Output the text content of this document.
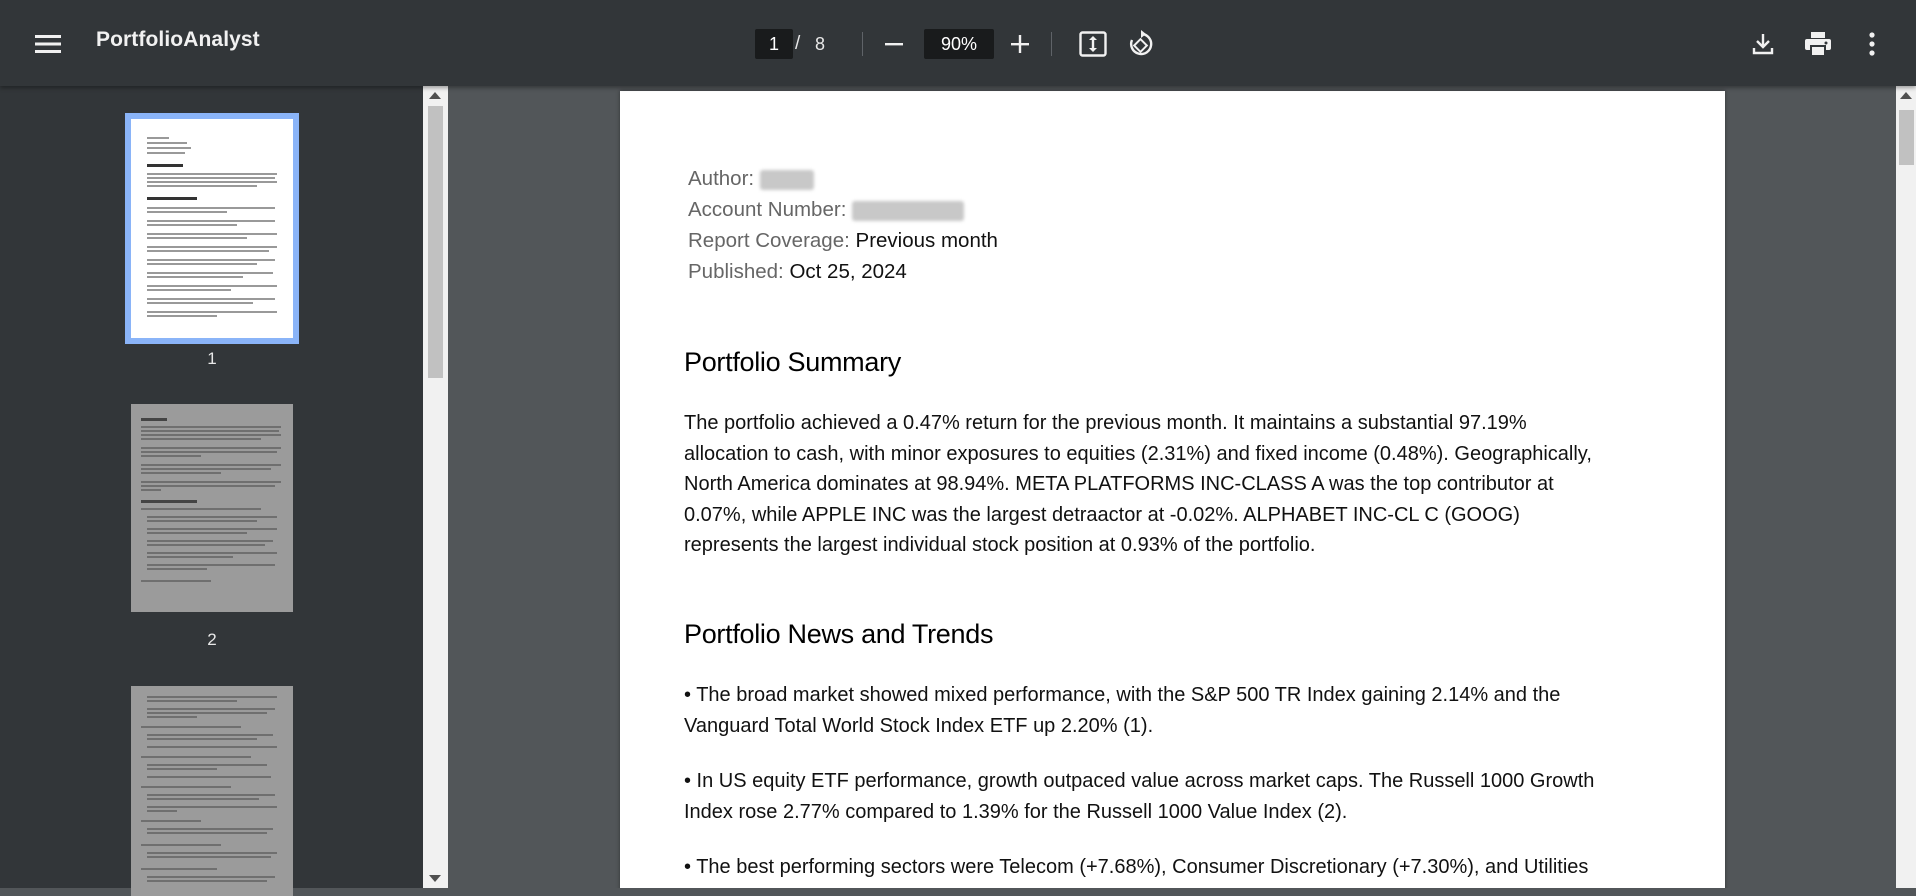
PortfolioAnalyst
1	/ 8
90%
1
2
Author:
Account Number:
Report Coverage: Previous month
Published: Oct 25, 2024
Portfolio Summary
The portfolio achieved a 0.47% return for the previous month. It maintains a substantial 97.19%
allocation to cash, with minor exposures to equities (2.31%) and fixed income (0.48%). Geographically,
North America dominates at 98.94%. META PLATFORMS INC-CLASS A was the top contributor at
0.07%, while APPLE INC was the largest detraactor at -0.02%. ALPHABET INC-CL C (GOOG)
represents the largest individual stock position at 0.93% of the portfolio.
Portfolio News and Trends
• The broad market showed mixed performance, with the S&P 500 TR Index gaining 2.14% and the
Vanguard Total World Stock Index ETF up 2.20% (1).
• In US equity ETF performance, growth outpaced value across market caps. The Russell 1000 Growth
Index rose 2.77% compared to 1.39% for the Russell 1000 Value Index (2).
• The best performing sectors were Telecom (+7.68%), Consumer Discretionary (+7.30%), and Utilities
